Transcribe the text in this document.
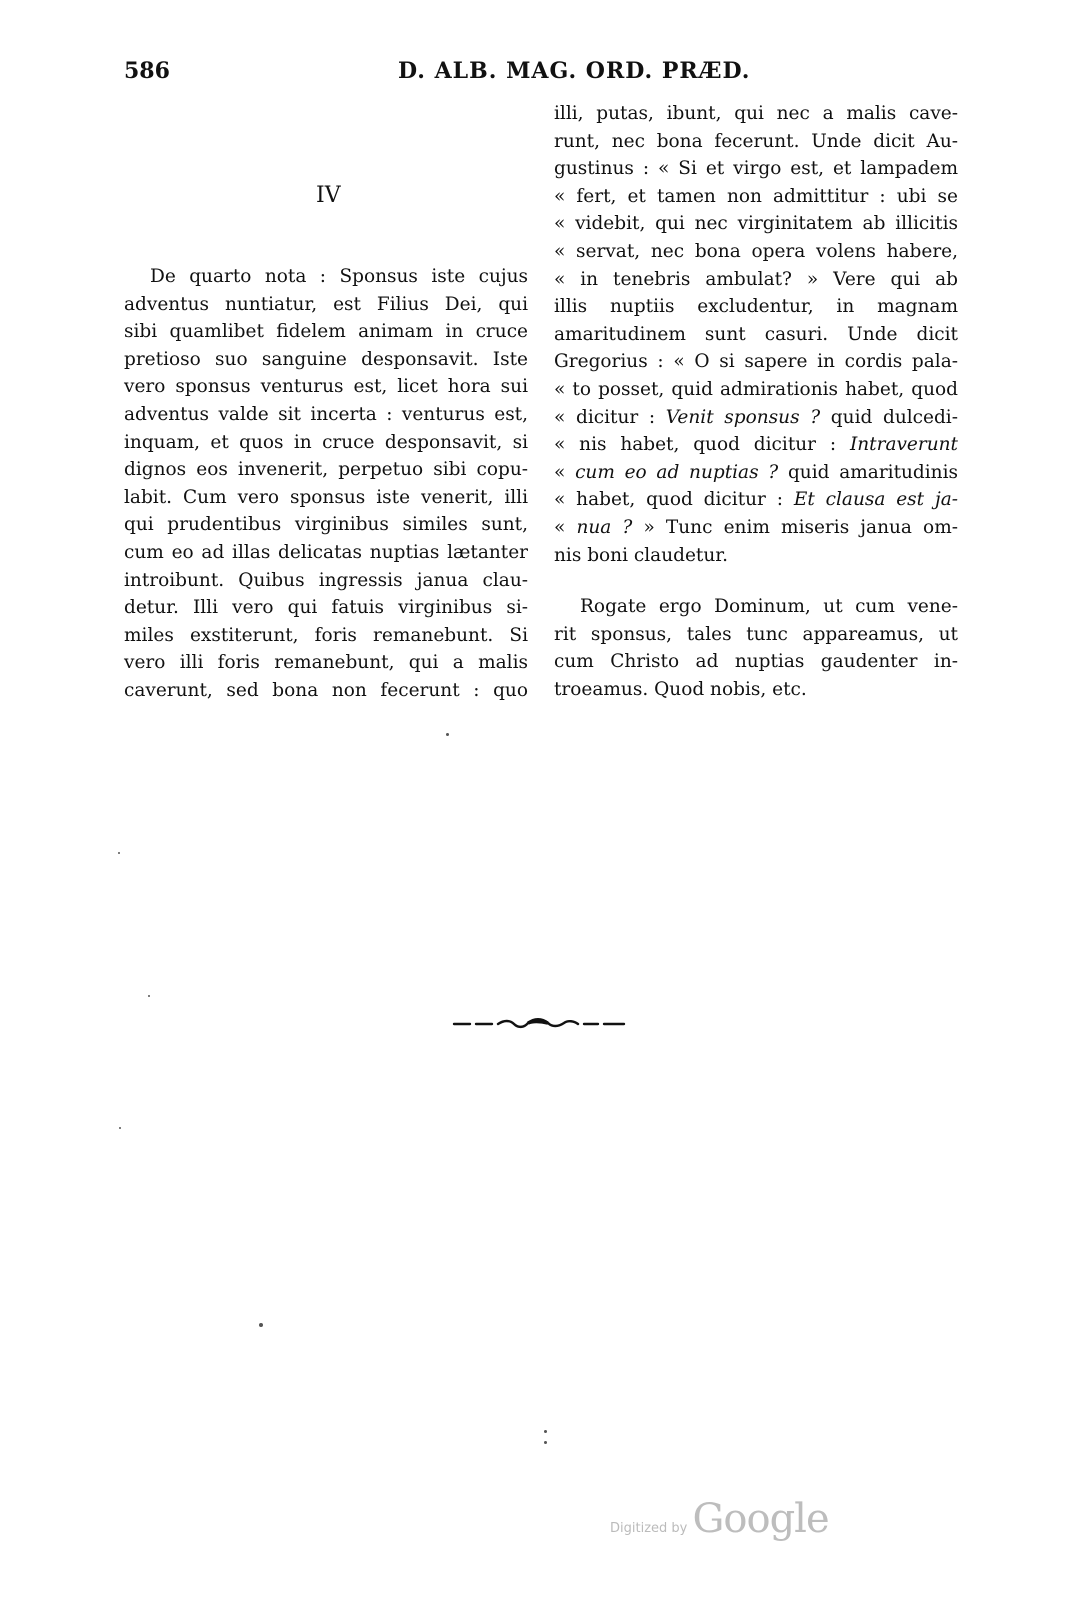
586	D. ALB. MAG. ORD. PRÆD.
IV
De quarto nota : Sponsus iste cujus
adventus nuntiatur, est Filius Dei, qui
sibi quamlibet fidelem animam in cruce
pretioso suo sanguine desponsavit. Iste
vero sponsus venturus est, licet hora sui
adventus valde sit incerta : venturus est,
inquam, et quos in cruce desponsavit, si
dignos eos invenerit, perpetuo sibi copu-
labit. Cum vero sponsus iste venerit, illi
qui prudentibus virginibus similes sunt,
cum eo ad illas delicatas nuptias lætanter
introibunt. Quibus ingressis janua clau-
detur. Illi vero qui fatuis virginibus si-
miles exstiterunt, foris remanebunt. Si
vero illi foris remanebunt, qui a malis
caverunt, sed bona non fecerunt : quo
illi, putas, ibunt, qui nec a malis cave-
runt, nec bona fecerunt. Unde dicit Au-
gustinus : « Si et virgo est, et lampadem
« fert, et tamen non admittitur : ubi se
« videbit, qui nec virginitatem ab illicitis
« servat, nec bona opera volens habere,
« in tenebris ambulat? » Vere qui ab
illis nuptiis excludentur, in magnam
amaritudinem sunt casuri. Unde dicit
Gregorius : « O si sapere in cordis pala-
« to posset, quid admirationis habet, quod
« dicitur : Venit sponsus ? quid dulcedi-
« nis habet, quod dicitur : Intraverunt
« cum eo ad nuptias ? quid amaritudinis
« habet, quod dicitur : Et clausa est ja-
« nua ? » Tunc enim miseris janua om-
nis boni claudetur.
Rogate ergo Dominum, ut cum vene-
rit sponsus, tales tunc appareamus, ut
cum Christo ad nuptias gaudenter in-
troeamus. Quod nobis, etc.
Digitized by Google
